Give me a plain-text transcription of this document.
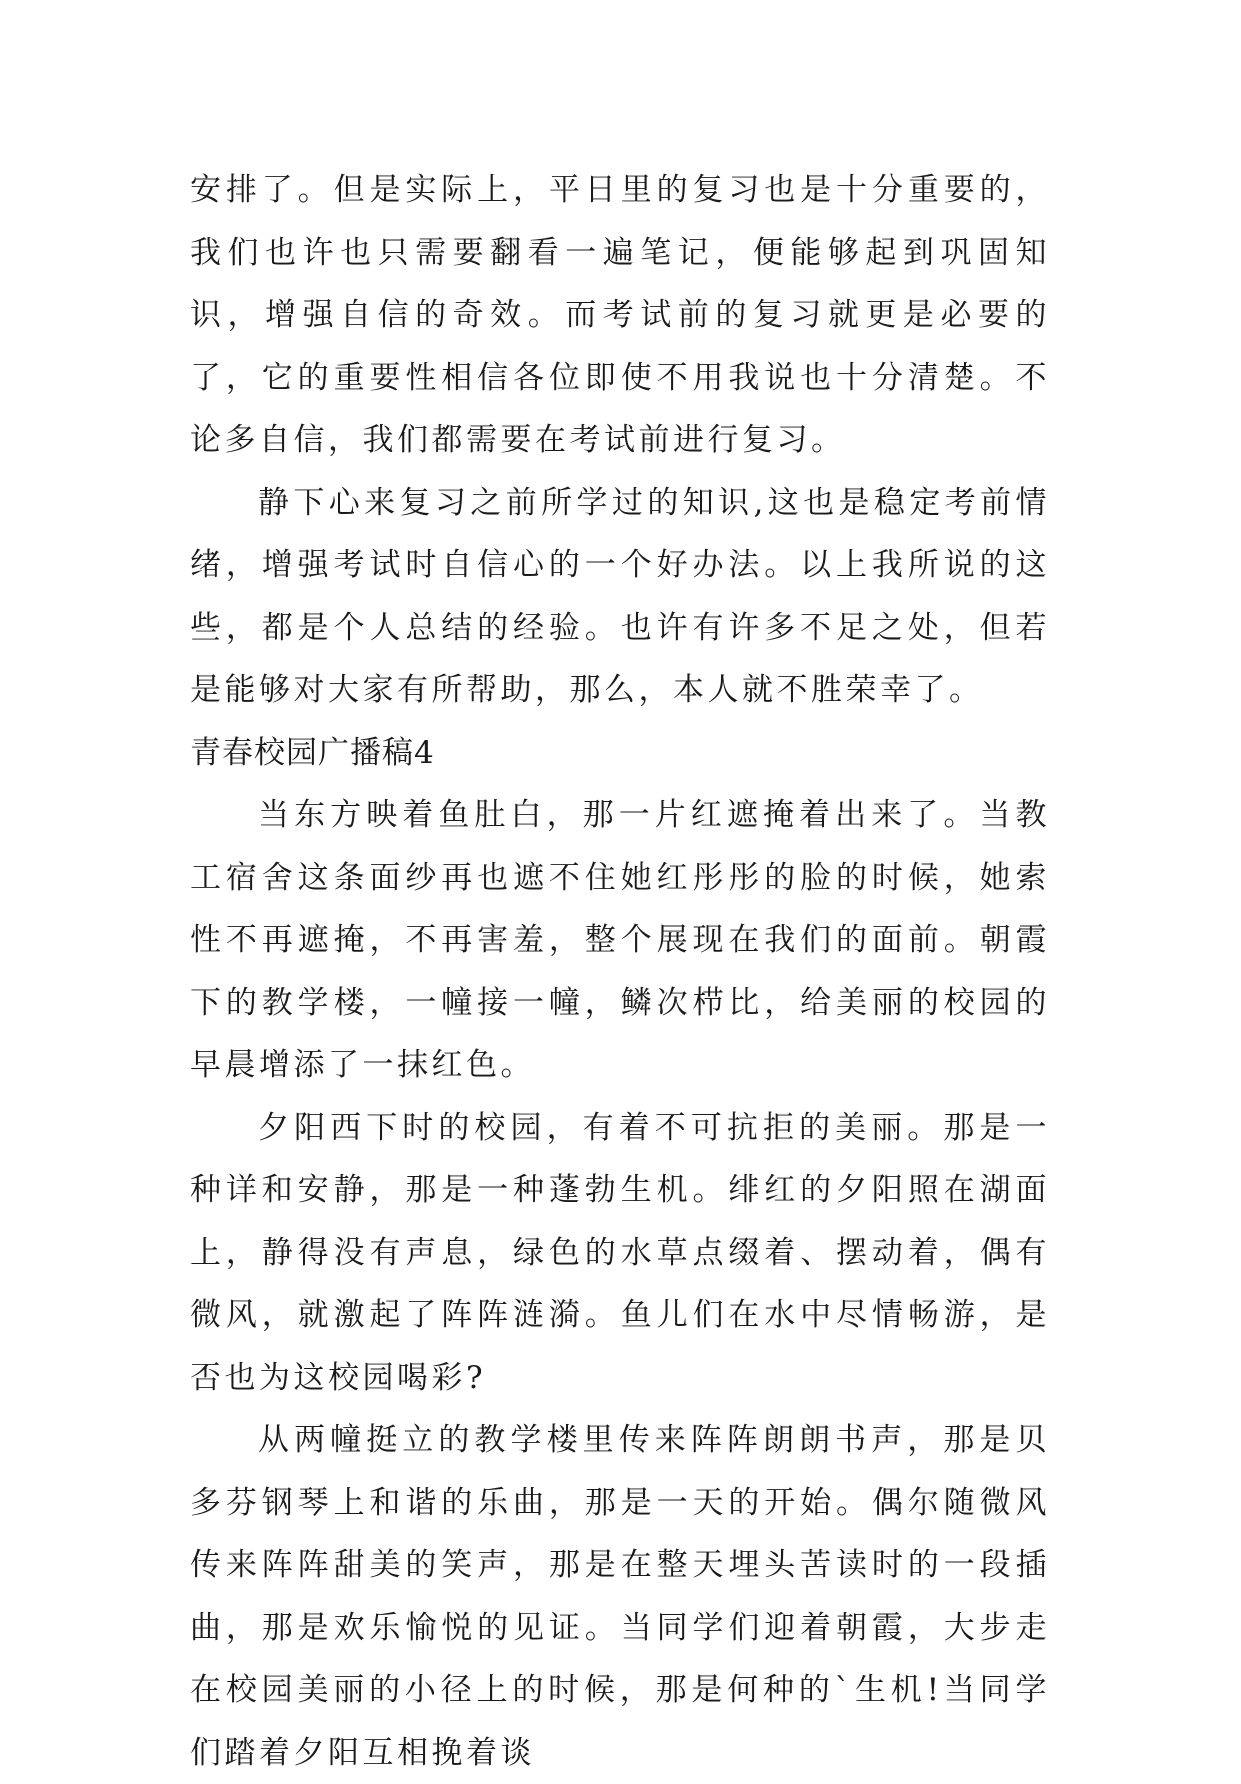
安排了。但是实际上，平日里的复习也是十分重要的，我们也许也只需要翻看一遍笔记，便能够起到巩固知识，增强自信的奇效。而考试前的复习就更是必要的了，它的重要性相信各位即使不用我说也十分清楚。不论多自信，我们都需要在考试前进行复习。

静下心来复习之前所学过的知识,这也是稳定考前情绪，增强考试时自信心的一个好办法。以上我所说的这些，都是个人总结的经验。也许有许多不足之处，但若是能够对大家有所帮助，那么，本人就不胜荣幸了。

青春校园广播稿4

当东方映着鱼肚白，那一片红遮掩着出来了。当教工宿舍这条面纱再也遮不住她红彤彤的脸的时候，她索性不再遮掩，不再害羞，整个展现在我们的面前。朝霞下的教学楼，一幢接一幢，鳞次栉比，给美丽的校园的早晨增添了一抹红色。

夕阳西下时的校园，有着不可抗拒的美丽。那是一种详和安静，那是一种蓬勃生机。绯红的夕阳照在湖面上，静得没有声息，绿色的水草点缀着、摆动着，偶有微风，就激起了阵阵涟漪。鱼儿们在水中尽情畅游，是否也为这校园喝彩?

从两幢挺立的教学楼里传来阵阵朗朗书声，那是贝多芬钢琴上和谐的乐曲，那是一天的开始。偶尔随微风传来阵阵甜美的笑声，那是在整天埋头苦读时的一段插曲，那是欢乐愉悦的见证。当同学们迎着朝霞，大步走在校园美丽的小径上的时候，那是何种的`生机!当同学们踏着夕阳互相挽着谈
